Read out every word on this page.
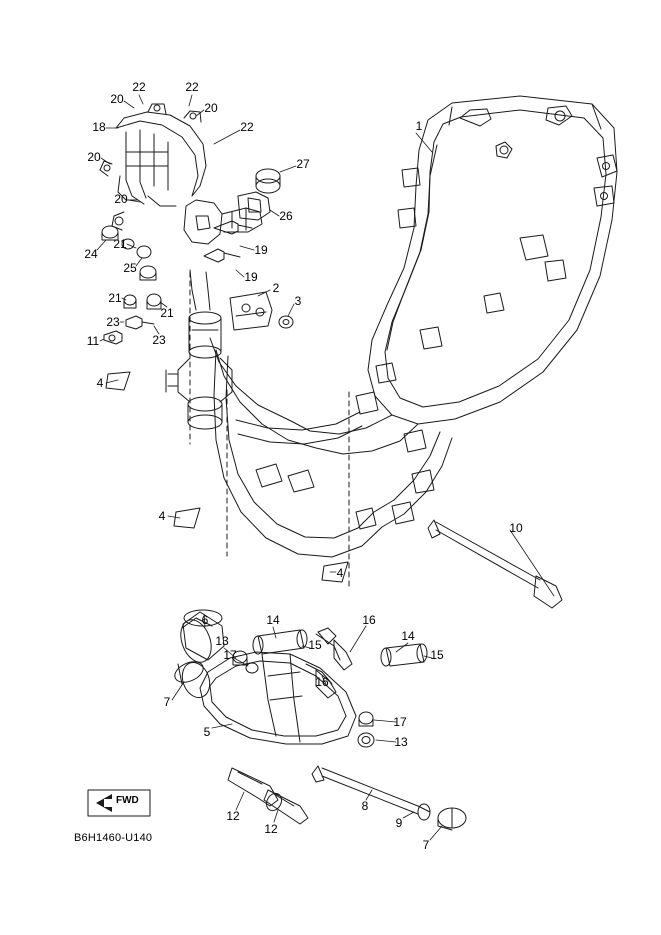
22	22
20
20
18	22
20	27
20
26
21	19
24
25
19
2
21
21
3
23
23
11
1
4
4
4
10
6	14
15
16
13
17
14
15
16
7
17
5
13
12
12
8
9
7
FWD
B6H1460-U140
